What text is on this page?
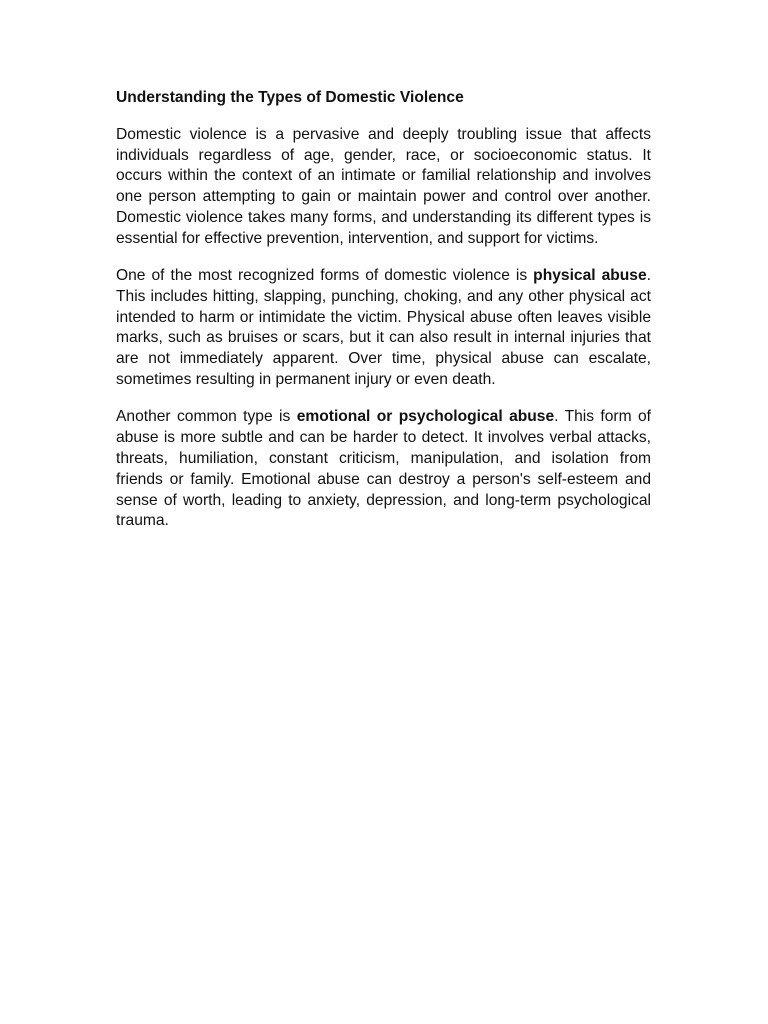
Understanding the Types of Domestic Violence

Domestic violence is a pervasive and deeply troubling issue that affects individuals regardless of age, gender, race, or socioeconomic status. It occurs within the context of an intimate or familial relationship and involves one person attempting to gain or maintain power and control over another. Domestic violence takes many forms, and understanding its different types is essential for effective prevention, intervention, and support for victims.

One of the most recognized forms of domestic violence is physical abuse. This includes hitting, slapping, punching, choking, and any other physical act intended to harm or intimidate the victim. Physical abuse often leaves visible marks, such as bruises or scars, but it can also result in internal injuries that are not immediately apparent. Over time, physical abuse can escalate, sometimes resulting in permanent injury or even death.

Another common type is emotional or psychological abuse. This form of abuse is more subtle and can be harder to detect. It involves verbal attacks, threats, humiliation, constant criticism, manipulation, and isolation from friends or family. Emotional abuse can destroy a person's self-esteem and sense of worth, leading to anxiety, depression, and long-term psychological trauma.
